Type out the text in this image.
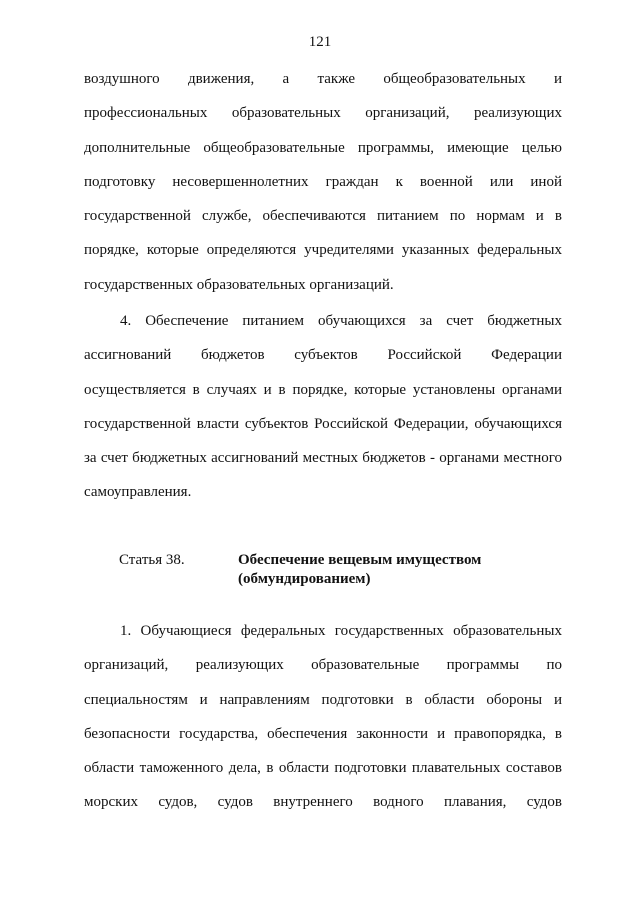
121
воздушного движения, а также общеобразовательных и
профессиональных образовательных организаций, реализующих
дополнительные общеобразовательные программы, имеющие целью
подготовку несовершеннолетних граждан к военной или иной
государственной службе, обеспечиваются питанием по нормам и в
порядке, которые определяются учредителями указанных федеральных
государственных образовательных организаций.
4. Обеспечение питанием обучающихся за счет бюджетных
ассигнований бюджетов субъектов Российской Федерации
осуществляется в случаях и в порядке, которые установлены органами
государственной власти субъектов Российской Федерации, обучающихся
за счет бюджетных ассигнований местных бюджетов - органами местного
самоуправления.
Статья 38.	Обеспечение вещевым имуществом
(обмундированием)
1. Обучающиеся федеральных государственных образовательных
организаций, реализующих образовательные программы по
специальностям и направлениям подготовки в области обороны и
безопасности государства, обеспечения законности и правопорядка, в
области таможенного дела, в области подготовки плавательных составов
морских судов, судов внутреннего водного плавания, судов
